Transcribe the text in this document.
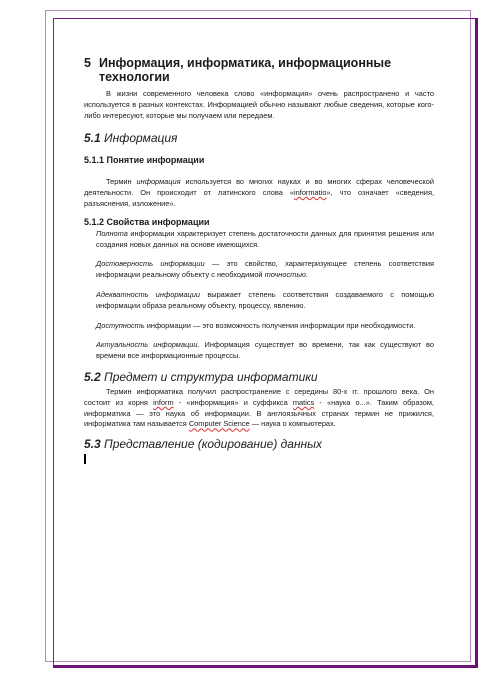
5 Информация, информатика, информационные технологии

В жизни современного человека слово «информация» очень распространено и часто используется в разных контекстах. Информацией обычно называют любые сведения, которые кого-либо интересуют, которые мы получаем или передаем.

5.1 Информация

5.1.1 Понятие информации

Термин информация используется во многих науках и во многих сферах человеческой деятельности. Он происходит от латинского слова «informatio», что означает «сведения, разъяснения, изложение».

5.1.2 Свойства информации

Полнота информации характеризует степень достаточности данных для принятия решения или создания новых данных на основе имеющихся.

Достоверность информации — это свойство, характеризующее степень соответствия информации реальному объекту с необходимой точностью.

Адекватность информации выражает степень соответствия создаваемого с помощью информации образа реальному объекту, процессу, явлению.

Доступность информации — это возможность получения информации при необходимости.

Актуальность информации. Информация существует во времени, так как существуют во времени все информационные процессы.

5.2 Предмет и структура информатики

Термин информатика получил распространение с середины 80-х гг. прошлого века. Он состоит из корня inform - «информация» и суффикса matics - «наука о...». Таким образом, информатика — это наука об информации. В англоязычных странах термин не прижился, информатика там называется Computer Science — наука о компьютерах.

5.3 Представление (кодирование) данных
